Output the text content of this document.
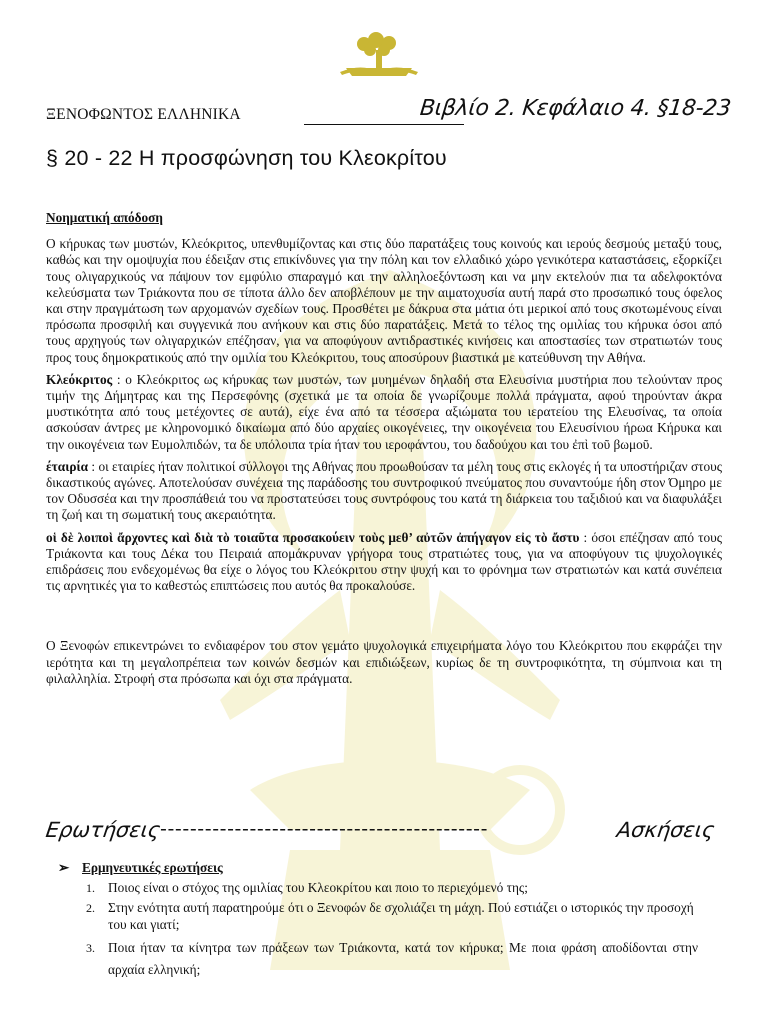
ΞΕΝΟΦΩΝΤΟΣ ΕΛΛΗΝΙΚΑ	Βιβλίο 2. Κεφάλαιο 4. §18-23
§ 20 - 22 Η προσφώνηση του Κλεοκρίτου
Νοηματική απόδοση

Ο κήρυκας των μυστών, Κλεόκριτος, υπενθυμίζοντας και στις δύο παρατάξεις τους κοινούς και ιερούς δεσμούς μεταξύ τους, καθώς και την ομοψυχία που έδειξαν στις επικίνδυνες για την πόλη και τον ελλαδικό χώρο γενικότερα καταστάσεις, εξορκίζει τους ολιγαρχικούς να πάψουν τον εμφύλιο σπαραγμό και την αλληλοεξόντωση και να μην εκτελούν πια τα αδελφοκτόνα κελεύσματα των Τριάκοντα που σε τίποτα άλλο δεν αποβλέπουν με την αιματοχυσία αυτή παρά στο προσωπικό τους όφελος και στην πραγμάτωση των αρχομανών σχεδίων τους. Προσθέτει με δάκρυα στα μάτια ότι μερικοί από τους σκοτωμένους είναι πρόσωπα προσφιλή και συγγενικά που ανήκουν και στις δύο παρατάξεις. Μετά το τέλος της ομιλίας του κήρυκα όσοι από τους αρχηγούς των ολιγαρχικών επέζησαν, για να αποφύγουν αντιδραστικές κινήσεις και αποστασίες των στρατιωτών τους προς τους δημοκρατικούς από την ομιλία του Κλεόκριτου, τους αποσύρουν βιαστικά με κατεύθυνση την Αθήνα.

Κλεόκριτος : ο Κλεόκριτος ως κήρυκας των μυστών, των μυημένων δηλαδή στα Ελευσίνια μυστήρια που τελούνταν προς τιμήν της Δήμητρας και της Περσεφόνης (σχετικά με τα οποία δε γνωρίζουμε πολλά πράγματα, αφού τηρούνταν άκρα μυστικότητα από τους μετέχοντες σε αυτά), είχε ένα από τα τέσσερα αξιώματα του ιερατείου της Ελευσίνας, τα οποία ασκούσαν άντρες με κληρονομικό δικαίωμα από δύο αρχαίες οικογένειες, την οικογένεια του Ελευσίνιου ήρωα Κήρυκα και την οικογένεια των Ευμολπιδών, τα δε υπόλοιπα τρία ήταν του ιεροφάντου, του δαδούχου και του ἐπὶ τοῦ βωμοῦ.

έταιρία : οι εταιρίες ήταν πολιτικοί σύλλογοι της Αθήνας που προωθούσαν τα μέλη τους στις εκλογές ή τα υποστήριζαν στους δικαστικούς αγώνες. Αποτελούσαν συνέχεια της παράδοσης του συντροφικού πνεύματος που συναντούμε ήδη στον Όμηρο με τον Οδυσσέα και την προσπάθειά του να προστατεύσει τους συντρόφους του κατά τη διάρκεια του ταξιδιού και να διαφυλάξει τη ζωή και τη σωματική τους ακεραιότητα.

οἱ δὲ λοιποὶ ἄρχοντες καὶ διὰ τὸ τοιαῦτα προσακούειν τοὺς μεθ’ αὐτῶν ἀπήγαγον εἰς τὸ ἄστυ : όσοι επέζησαν από τους Τριάκοντα και τους Δέκα του Πειραιά απομάκρυναν γρήγορα τους στρατιώτες τους, για να αποφύγουν τις ψυχολογικές επιδράσεις που ενδεχομένως θα είχε ο λόγος του Κλεόκριτου στην ψυχή και το φρόνημα των στρατιωτών και κατά συνέπεια τις αρνητικές για το καθεστώς επιπτώσεις που αυτός θα προκαλούσε.

Ο Ξενοφών επικεντρώνει το ενδιαφέρον του στον γεμάτο ψυχολογικά επιχειρήματα λόγο του Κλεόκριτου που εκφράζει την ιερότητα και τη μεγαλοπρέπεια των κοινών δεσμών και επιδιώξεων, κυρίως δε τη συντροφικότητα, τη σύμπνοια και τη φιλαλληλία. Στροφή στα πρόσωπα και όχι στα πράγματα.

Ερωτήσεις
--------------------------------------------	Ασκήσεις
➢ Ερμηνευτικές ερωτήσεις
1. Ποιος είναι ο στόχος της ομιλίας του Κλεοκρίτου και ποιο το περιεχόμενό της;
2. Στην ενότητα αυτή παρατηρούμε ότι ο Ξενοφών δε σχολιάζει τη μάχη. Πού εστιάζει ο ιστορικός την προσοχή του και γιατί;
3. Ποια ήταν τα κίνητρα των πράξεων των Τριάκοντα, κατά τον κήρυκα; Με ποια φράση αποδίδονται στην αρχαία ελληνική;
